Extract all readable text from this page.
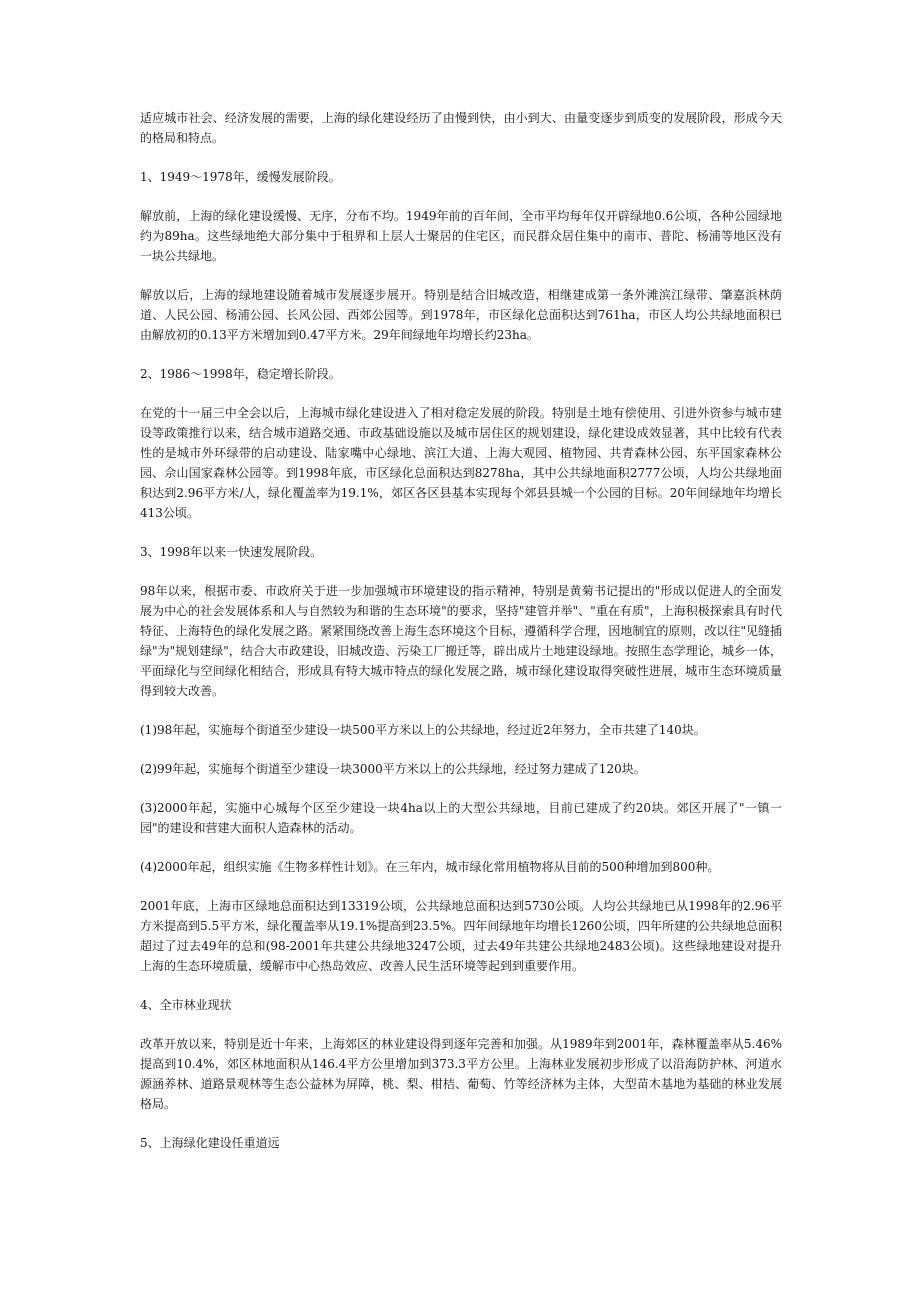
适应城市社会、经济发展的需要，上海的绿化建设经历了由慢到快，由小到大、由量变逐步到质变的发展阶段，形成今天的格局和特点。

1、1949～1978年，缓慢发展阶段。

解放前，上海的绿化建设缓慢、无序，分布不均。1949年前的百年间，全市平均每年仅开辟绿地0.6公顷，各种公园绿地约为89ha。这些绿地绝大部分集中于租界和上层人士聚居的住宅区，而民群众居住集中的南市、普陀、杨浦等地区没有一块公共绿地。

解放以后，上海的绿地建设随着城市发展逐步展开。特别是结合旧城改造，相继建成第一条外滩滨江绿带、肇嘉浜林荫道、人民公园、杨浦公园、长风公园、西郊公园等。到1978年，市区绿化总面积达到761ha，市区人均公共绿地面积已由解放初的0.13平方米增加到0.47平方米。29年间绿地年均增长约23ha。

2、1986～1998年，稳定增长阶段。

在党的十一届三中全会以后，上海城市绿化建设进入了相对稳定发展的阶段。特别是土地有偿使用、引进外资参与城市建设等政策推行以来，结合城市道路交通、市政基础设施以及城市居住区的规划建设，绿化建设成效显著，其中比较有代表性的是城市外环绿带的启动建设、陆家嘴中心绿地、滨江大道、上海大观园、植物园、共青森林公园、东平国家森林公园、佘山国家森林公园等。到1998年底，市区绿化总面积达到8278ha，其中公共绿地面积2777公顷，人均公共绿地面积达到2.96平方米/人，绿化覆盖率为19.1%，郊区各区县基本实现每个郊县县城一个公园的目标。20年间绿地年均增长413公顷。

3、1998年以来一快速发展阶段。

98年以来，根据市委、市政府关于进一步加强城市环境建设的指示精神，特别是黄菊书记提出的"形成以促进人的全面发展为中心的社会发展体系和人与自然较为和谐的生态环境"的要求，坚持"建管并举"、"重在有质"，上海积极探索具有时代特征、上海特色的绿化发展之路。紧紧围绕改善上海生态环境这个目标，遵循科学合理，因地制宜的原则，改以往"见缝插绿"为"规划建绿"，结合大市政建设，旧城改造、污染工厂搬迁等，辟出成片土地建设绿地。按照生态学理论，城乡一体，平面绿化与空间绿化相结合，形成具有特大城市特点的绿化发展之路，城市绿化建设取得突破性进展，城市生态环境质量得到较大改善。

(1)98年起，实施每个街道至少建设一块500平方米以上的公共绿地，经过近2年努力，全市共建了140块。

(2)99年起，实施每个街道至少建设一块3000平方米以上的公共绿地，经过努力建成了120块。

(3)2000年起，实施中心城每个区至少建设一块4ha以上的大型公共绿地，目前已建成了约20块。郊区开展了"一镇一园"的建设和营建大面积人造森林的活动。

(4)2000年起，组织实施《生物多样性计划》。在三年内，城市绿化常用植物将从目前的500种增加到800种。

2001年底，上海市区绿地总面积达到13319公顷，公共绿地总面积达到5730公顷。人均公共绿地已从1998年的2.96平方米提高到5.5平方米，绿化覆盖率从19.1%提高到23.5%。四年间绿地年均增长1260公顷，四年所建的公共绿地总面积超过了过去49年的总和(98-2001年共建公共绿地3247公顷，过去49年共建公共绿地2483公顷)。这些绿地建设对提升上海的生态环境质量，缓解市中心热岛效应、改善人民生活环境等起到到重要作用。

4、全市林业现状

改革开放以来，特别是近十年来，上海郊区的林业建设得到逐年完善和加强。从1989年到2001年，森林覆盖率从5.46%提高到10.4%，郊区林地面积从146.4平方公里增加到373.3平方公里。上海林业发展初步形成了以沿海防护林、河道水源涵养林、道路景观林等生态公益林为屏障，桃、梨、柑桔、葡萄、竹等经济林为主体，大型苗木基地为基础的林业发展格局。

5、上海绿化建设任重道远
